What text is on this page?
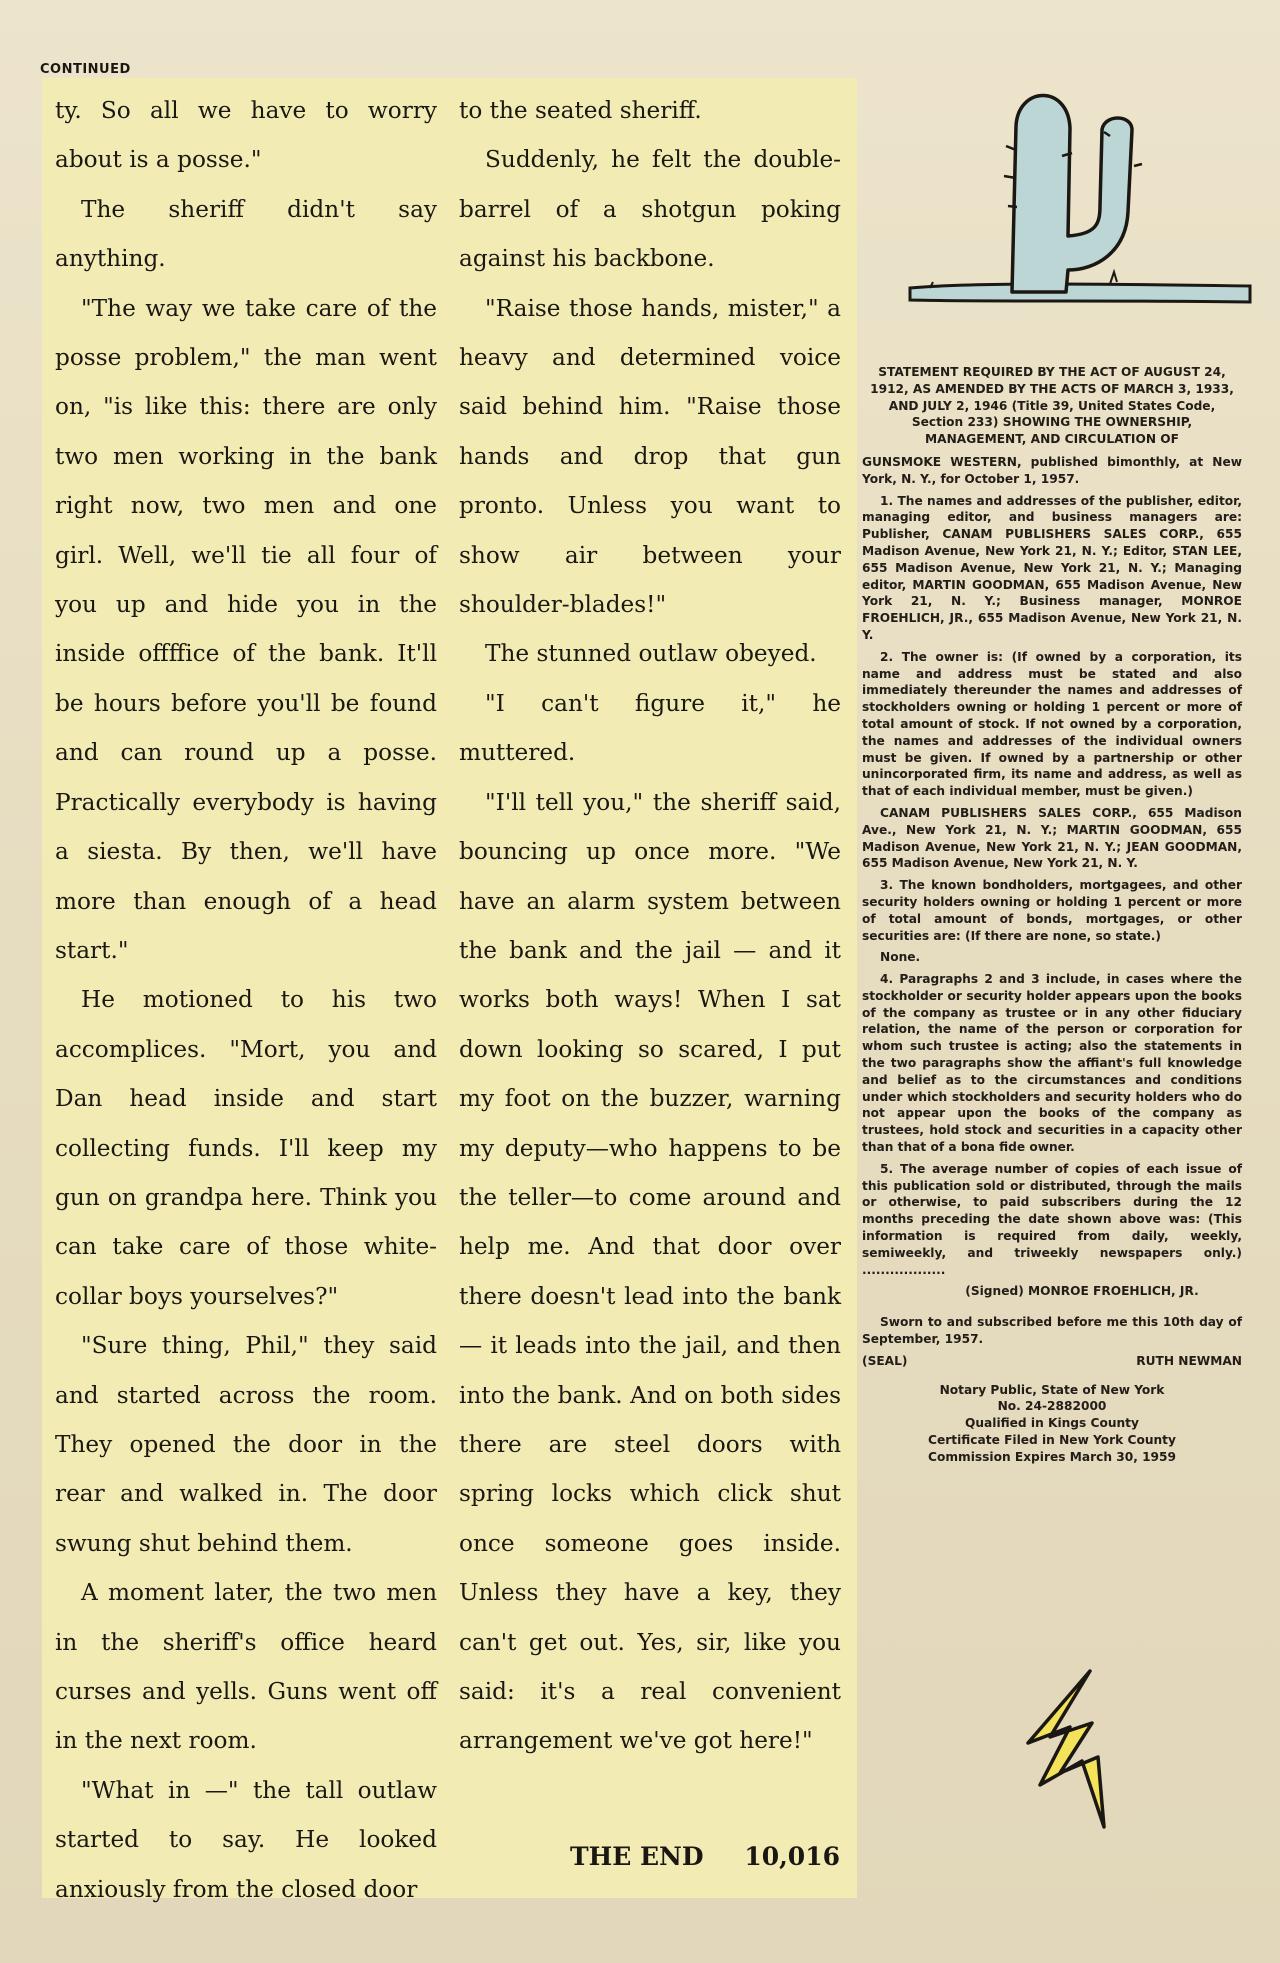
CONTINUED

ty. So all we have to worry about is a posse."

The sheriff didn't say anything.

"The way we take care of the posse problem," the man went on, "is like this: there are only two men working in the bank right now, two men and one girl. Well, we'll tie all four of you up and hide you in the inside offffice of the bank. It'll be hours before you'll be found and can round up a posse. Practically everybody is having a siesta. By then, we'll have more than enough of a head start."

He motioned to his two accomplices. "Mort, you and Dan head inside and start collecting funds. I'll keep my gun on grandpa here. Think you can take care of those white-collar boys yourselves?"

"Sure thing, Phil," they said and started across the room. They opened the door in the rear and walked in. The door swung shut behind them.

A moment later, the two men in the sheriff's office heard curses and yells. Guns went off in the next room.

"What in —" the tall outlaw started to say. He looked anxiously from the closed door

to the seated sheriff.

Suddenly, he felt the double-barrel of a shotgun poking against his backbone.

"Raise those hands, mister," a heavy and determined voice said behind him. "Raise those hands and drop that gun pronto. Unless you want to show air between your shoulder-blades!"

The stunned outlaw obeyed.

"I can't figure it," he muttered.

"I'll tell you," the sheriff said, bouncing up once more. "We have an alarm system between the bank and the jail — and it works both ways! When I sat down looking so scared, I put my foot on the buzzer, warning my deputy—who happens to be the teller—to come around and help me. And that door over there doesn't lead into the bank — it leads into the jail, and then into the bank. And on both sides there are steel doors with spring locks which click shut once someone goes inside. Unless they have a key, they can't get out. Yes, sir, like you said: it's a real convenient arrangement we've got here!"

THE END 10,016
STATEMENT REQUIRED BY THE ACT OF AUGUST 24, 1912, AS AMENDED BY THE ACTS OF MARCH 3, 1933, AND JULY 2, 1946 (Title 39, United States Code, Section 233) SHOWING THE OWNERSHIP, MANAGEMENT, AND CIRCULATION OF

GUNSMOKE WESTERN, published bimonthly, at New York, N. Y., for October 1, 1957.

1. The names and addresses of the publisher, editor, managing editor, and business managers are: Publisher, CANAM PUBLISHERS SALES CORP., 655 Madison Avenue, New York 21, N. Y.; Editor, STAN LEE, 655 Madison Avenue, New York 21, N. Y.; Managing editor, MARTIN GOODMAN, 655 Madison Avenue, New York 21, N. Y.; Business manager, MONROE FROEHLICH, JR., 655 Madison Avenue, New York 21, N. Y.

2. The owner is: (If owned by a corporation, its name and address must be stated and also immediately thereunder the names and addresses of stockholders owning or holding 1 percent or more of total amount of stock. If not owned by a corporation, the names and addresses of the individual owners must be given. If owned by a partnership or other unincorporated firm, its name and address, as well as that of each individual member, must be given.)

CANAM PUBLISHERS SALES CORP., 655 Madison Ave., New York 21, N. Y.; MARTIN GOODMAN, 655 Madison Avenue, New York 21, N. Y.; JEAN GOODMAN, 655 Madison Avenue, New York 21, N. Y.

3. The known bondholders, mortgagees, and other security holders owning or holding 1 percent or more of total amount of bonds, mortgages, or other securities are: (If there are none, so state.)

None.

4. Paragraphs 2 and 3 include, in cases where the stockholder or security holder appears upon the books of the company as trustee or in any other fiduciary relation, the name of the person or corporation for whom such trustee is acting; also the statements in the two paragraphs show the affiant's full knowledge and belief as to the circumstances and conditions under which stockholders and security holders who do not appear upon the books of the company as trustees, hold stock and securities in a capacity other than that of a bona fide owner.

5. The average number of copies of each issue of this publication sold or distributed, through the mails or otherwise, to paid subscribers during the 12 months preceding the date shown above was: (This information is required from daily, weekly, semiweekly, and triweekly newspapers only.) ..................

(Signed) MONROE FROEHLICH, JR.

Sworn to and subscribed before me this 10th day of September, 1957.

(SEAL)	RUTH NEWMAN
Notary Public, State of New York
No. 24-2882000
Qualified in Kings County
Certificate Filed in New York County
Commission Expires March 30, 1959
